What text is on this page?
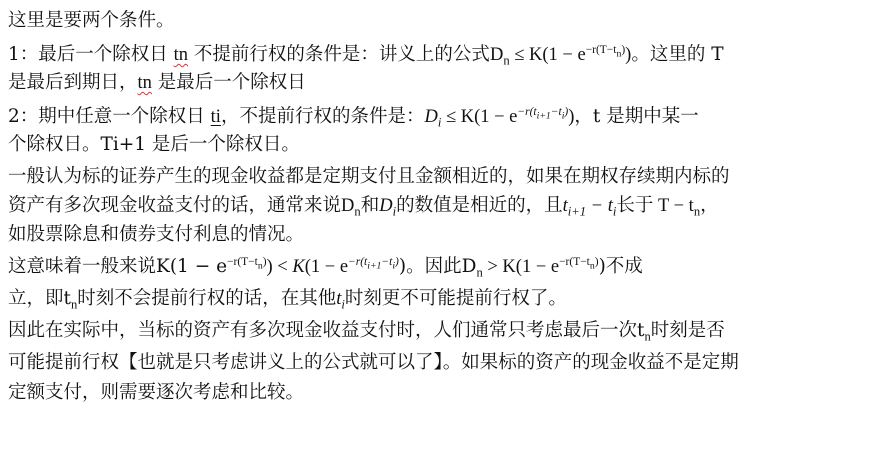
这里是要两个条件。
1：最后一个除权日 tn 不提前行权的条件是：讲义上的公式$D_n \le K(1 - e^{-r(T-t_n)})$。这里的 T
是最后到期日，tn 是最后一个除权日
2：期中任意一个除权日 ti，不提前行权的条件是：$D_i \le K(1 - e^{-r(t_{i+1}-t_i)})$，t 是期中某一
个除权日。Ti+1 是后一个除权日。
一般认为标的证券产生的现金收益都是定期支付且金额相近的，如果在期权存续期内标的
资产有多次现金收益支付的话，通常来说$D_n$和$D_i$的数值是相近的，且$t_{i+1} - t_i$长于 $T - t_n$，
如股票除息和债券支付利息的情况。
这意味着一般来说$K(1 - e^{-r(T-t_n)}) < K(1 - e^{-r(t_{i+1}-t_i)})$。因此$D_n > K(1 - e^{-r(T-t_n)})$不成
立，即$t_n$时刻不会提前行权的话，在其他$t_i$时刻更不可能提前行权了。
因此在实际中，当标的资产有多次现金收益支付时，人们通常只考虑最后一次$t_n$时刻是否
可能提前行权【也就是只考虑讲义上的公式就可以了】。如果标的资产的现金收益不是定期
定额支付，则需要逐次考虑和比较。
